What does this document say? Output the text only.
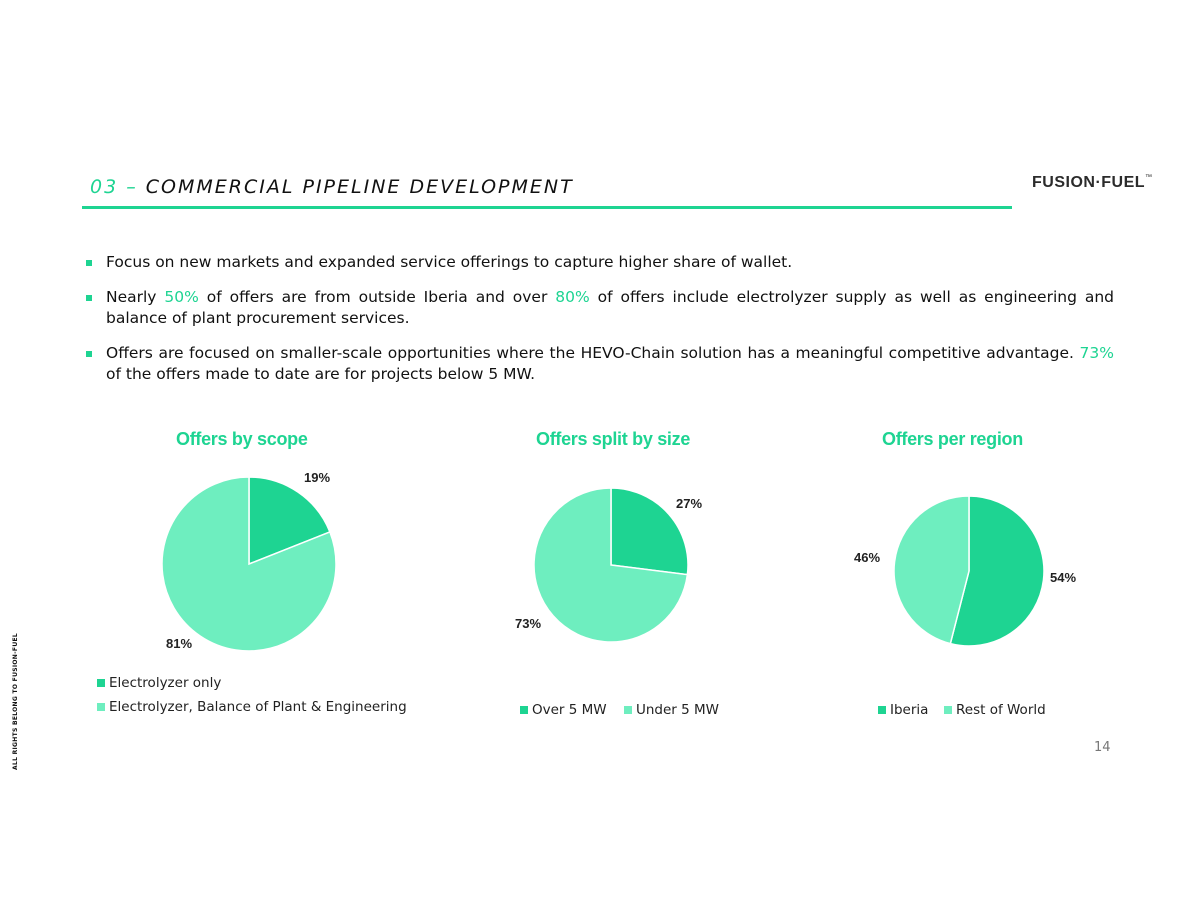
03 – COMMERCIAL PIPELINE DEVELOPMENT	FUSION·FUEL™
Focus on new markets and expanded service offerings to capture higher share of wallet.
Nearly 50% of offers are from outside Iberia and over 80% of offers include electrolyzer supply as well as engineering and balance of plant procurement services.
Offers are focused on smaller-scale opportunities where the HEVO-Chain solution has a meaningful competitive advantage. 73% of the offers made to date are for projects below 5 MW.
Offers by scope
19%
81%
Electrolyzer only
Electrolyzer, Balance of Plant & Engineering
Offers split by size
27%
73%
Over 5 MW	Under 5 MW
Offers per region
54%
46%
Iberia	Rest of World
ALL RIGHTS BELONG TO FUSION-FUEL	14
